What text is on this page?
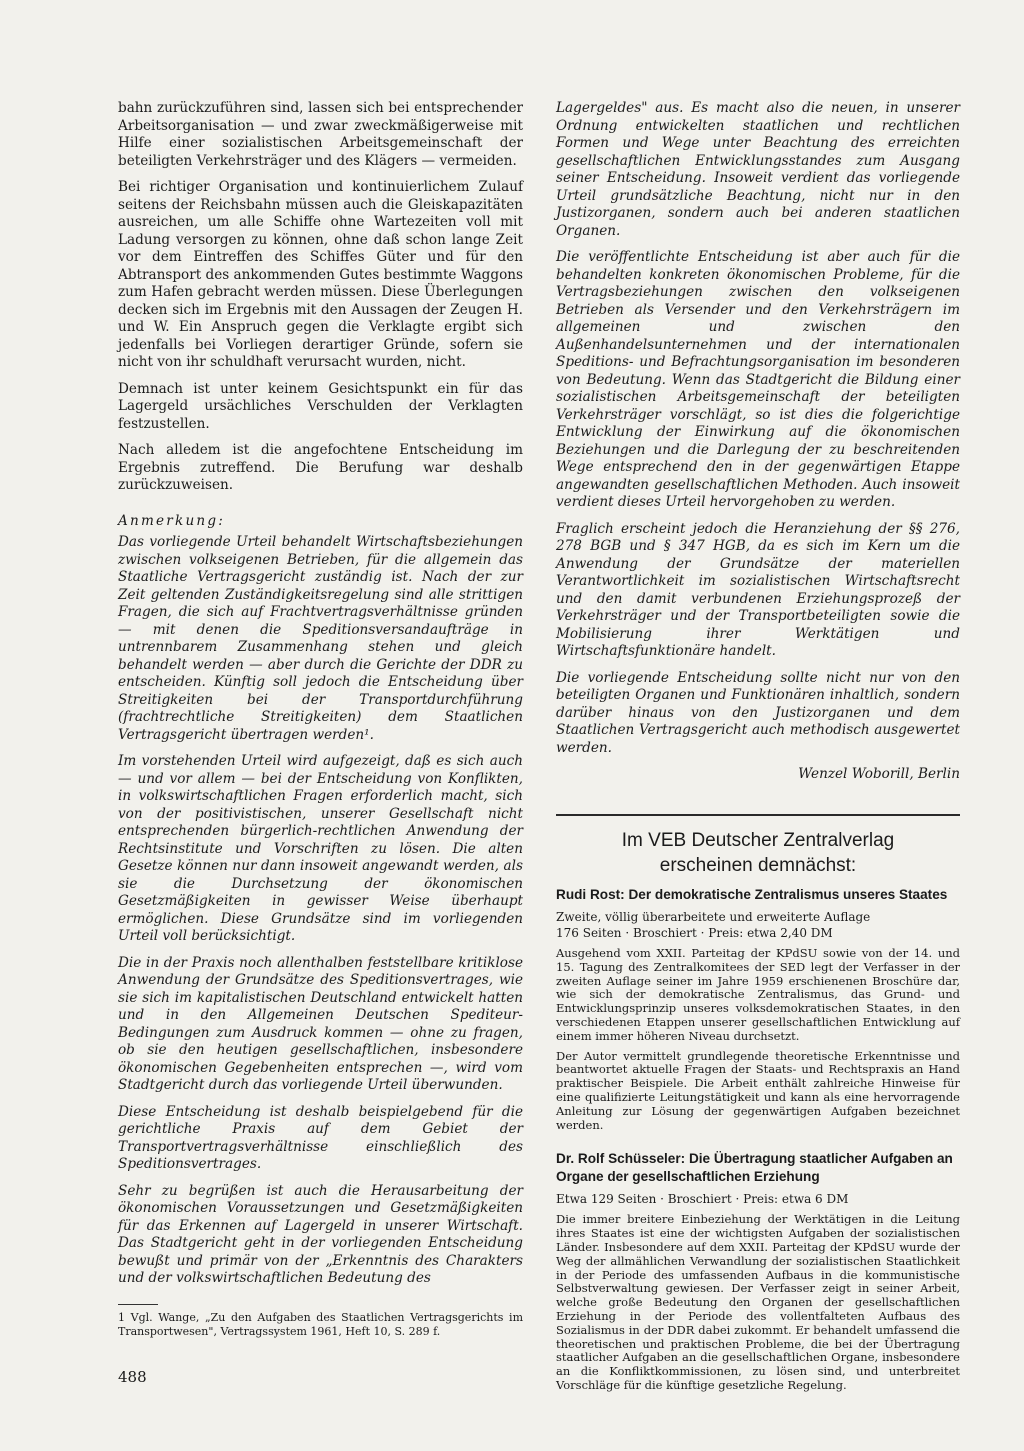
bahn zurückzuführen sind, lassen sich bei entsprechender Arbeitsorganisation — und zwar zweckmäßigerweise mit Hilfe einer sozialistischen Arbeitsgemeinschaft der beteiligten Verkehrsträger und des Klägers — vermeiden.

Bei richtiger Organisation und kontinuierlichem Zulauf seitens der Reichsbahn müssen auch die Gleiskapazitäten ausreichen, um alle Schiffe ohne Wartezeiten voll mit Ladung versorgen zu können, ohne daß schon lange Zeit vor dem Eintreffen des Schiffes Güter und für den Abtransport des ankommenden Gutes bestimmte Waggons zum Hafen gebracht werden müssen. Diese Überlegungen decken sich im Ergebnis mit den Aussagen der Zeugen H. und W. Ein Anspruch gegen die Verklagte ergibt sich jedenfalls bei Vorliegen derartiger Gründe, sofern sie nicht von ihr schuldhaft verursacht wurden, nicht.

Demnach ist unter keinem Gesichtspunkt ein für das Lagergeld ursächliches Verschulden der Verklagten festzustellen.

Nach alledem ist die angefochtene Entscheidung im Ergebnis zutreffend. Die Berufung war deshalb zurückzuweisen.

Anmerkung:

Das vorliegende Urteil behandelt Wirtschaftsbeziehungen zwischen volkseigenen Betrieben, für die allgemein das Staatliche Vertragsgericht zuständig ist. Nach der zur Zeit geltenden Zuständigkeitsregelung sind alle strittigen Fragen, die sich auf Frachtvertragsverhältnisse gründen — mit denen die Speditionsversandaufträge in untrennbarem Zusammenhang stehen und gleich behandelt werden — aber durch die Gerichte der DDR zu entscheiden. Künftig soll jedoch die Entscheidung über Streitigkeiten bei der Transportdurchführung (frachtrechtliche Streitigkeiten) dem Staatlichen Vertragsgericht übertragen werden¹.

Im vorstehenden Urteil wird aufgezeigt, daß es sich auch — und vor allem — bei der Entscheidung von Konflikten, in volkswirtschaftlichen Fragen erforderlich macht, sich von der positivistischen, unserer Gesellschaft nicht entsprechenden bürgerlich-rechtlichen Anwendung der Rechtsinstitute und Vorschriften zu lösen. Die alten Gesetze können nur dann insoweit angewandt werden, als sie die Durchsetzung der ökonomischen Gesetzmäßigkeiten in gewisser Weise überhaupt ermöglichen. Diese Grundsätze sind im vorliegenden Urteil voll berücksichtigt.

Die in der Praxis noch allenthalben feststellbare kritiklose Anwendung der Grundsätze des Speditionsvertrages, wie sie sich im kapitalistischen Deutschland entwickelt hatten und in den Allgemeinen Deutschen Spediteur-Bedingungen zum Ausdruck kommen — ohne zu fragen, ob sie den heutigen gesellschaftlichen, insbesondere ökonomischen Gegebenheiten entsprechen —, wird vom Stadtgericht durch das vorliegende Urteil überwunden.

Diese Entscheidung ist deshalb beispielgebend für die gerichtliche Praxis auf dem Gebiet der Transportvertragsverhältnisse einschließlich des Speditionsvertrages.

Sehr zu begrüßen ist auch die Herausarbeitung der ökonomischen Voraussetzungen und Gesetzmäßigkeiten für das Erkennen auf Lagergeld in unserer Wirtschaft. Das Stadtgericht geht in der vorliegenden Entscheidung bewußt und primär von der „Erkenntnis des Charakters und der volkswirtschaftlichen Bedeutung des

1 Vgl. Wange, „Zu den Aufgaben des Staatlichen Vertragsgerichts im Transportwesen", Vertragssystem 1961, Heft 10, S. 289 f.

Lagergeldes" aus. Es macht also die neuen, in unserer Ordnung entwickelten staatlichen und rechtlichen Formen und Wege unter Beachtung des erreichten gesellschaftlichen Entwicklungsstandes zum Ausgang seiner Entscheidung. Insoweit verdient das vorliegende Urteil grundsätzliche Beachtung, nicht nur in den Justizorganen, sondern auch bei anderen staatlichen Organen.

Die veröffentlichte Entscheidung ist aber auch für die behandelten konkreten ökonomischen Probleme, für die Vertragsbeziehungen zwischen den volkseigenen Betrieben als Versender und den Verkehrsträgern im allgemeinen und zwischen den Außenhandelsunternehmen und der internationalen Speditions- und Befrachtungsorganisation im besonderen von Bedeutung. Wenn das Stadtgericht die Bildung einer sozialistischen Arbeitsgemeinschaft der beteiligten Verkehrsträger vorschlägt, so ist dies die folgerichtige Entwicklung der Einwirkung auf die ökonomischen Beziehungen und die Darlegung der zu beschreitenden Wege entsprechend den in der gegenwärtigen Etappe angewandten gesellschaftlichen Methoden. Auch insoweit verdient dieses Urteil hervorgehoben zu werden.

Fraglich erscheint jedoch die Heranziehung der §§ 276, 278 BGB und § 347 HGB, da es sich im Kern um die Anwendung der Grundsätze der materiellen Verantwortlichkeit im sozialistischen Wirtschaftsrecht und den damit verbundenen Erziehungsprozeß der Verkehrsträger und der Transportbeteiligten sowie die Mobilisierung ihrer Werktätigen und Wirtschaftsfunktionäre handelt.

Die vorliegende Entscheidung sollte nicht nur von den beteiligten Organen und Funktionären inhaltlich, sondern darüber hinaus von den Justizorganen und dem Staatlichen Vertragsgericht auch methodisch ausgewertet werden.

Wenzel Woborill, Berlin
Im VEB Deutscher Zentralverlag
erscheinen demnächst:
Rudi Rost: Der demokratische Zentralismus unseres Staates
Zweite, völlig überarbeitete und erweiterte Auflage
176 Seiten · Broschiert · Preis: etwa 2,40 DM

Ausgehend vom XXII. Parteitag der KPdSU sowie von der 14. und 15. Tagung des Zentralkomitees der SED legt der Verfasser in der zweiten Auflage seiner im Jahre 1959 erschienenen Broschüre dar, wie sich der demokratische Zentralismus, das Grund- und Entwicklungsprinzip unseres volksdemokratischen Staates, in den verschiedenen Etappen unserer gesellschaftlichen Entwicklung auf einem immer höheren Niveau durchsetzt.

Der Autor vermittelt grundlegende theoretische Erkenntnisse und beantwortet aktuelle Fragen der Staats- und Rechtspraxis an Hand praktischer Beispiele. Die Arbeit enthält zahlreiche Hinweise für eine qualifizierte Leitungstätigkeit und kann als eine hervorragende Anleitung zur Lösung der gegenwärtigen Aufgaben bezeichnet werden.

Dr. Rolf Schüsseler: Die Übertragung staatlicher Aufgaben an Organe der gesellschaftlichen Erziehung
Etwa 129 Seiten · Broschiert · Preis: etwa 6 DM

Die immer breitere Einbeziehung der Werktätigen in die Leitung ihres Staates ist eine der wichtigsten Aufgaben der sozialistischen Länder. Insbesondere auf dem XXII. Parteitag der KPdSU wurde der Weg der allmählichen Verwandlung der sozialistischen Staatlichkeit in der Periode des umfassenden Aufbaus in die kommunistische Selbstverwaltung gewiesen. Der Verfasser zeigt in seiner Arbeit, welche große Bedeutung den Organen der gesellschaftlichen Erziehung in der Periode des vollentfalteten Aufbaus des Sozialismus in der DDR dabei zukommt. Er behandelt umfassend die theoretischen und praktischen Probleme, die bei der Übertragung staatlicher Aufgaben an die gesellschaftlichen Organe, insbesondere an die Konfliktkommissionen, zu lösen sind, und unterbreitet Vorschläge für die künftige gesetzliche Regelung.

488
